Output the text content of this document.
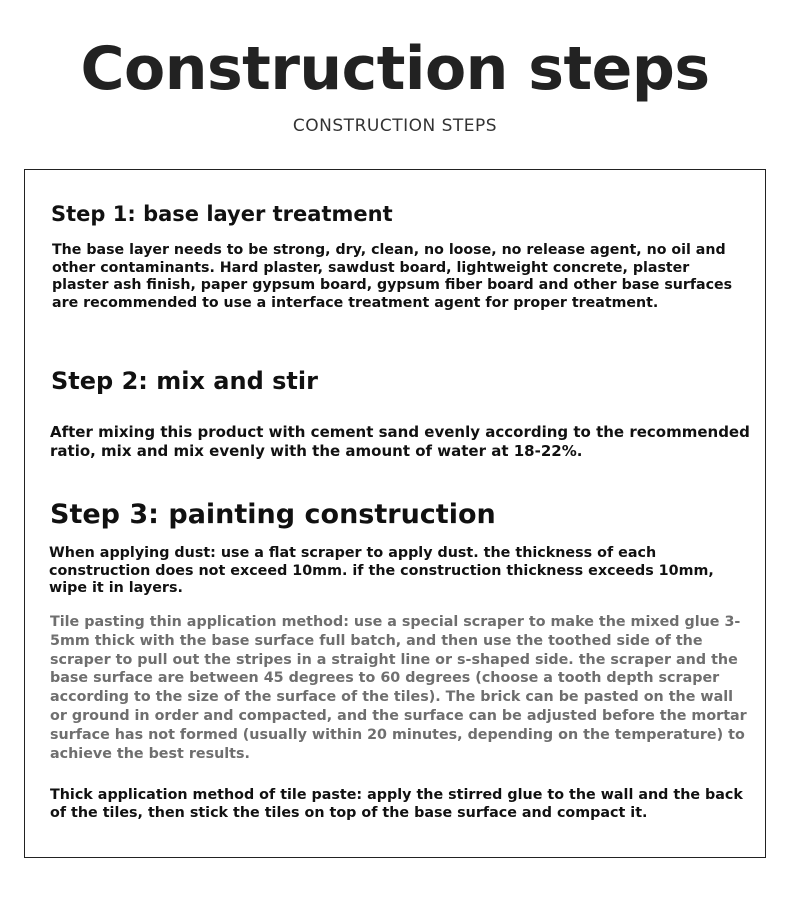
Construction steps
CONSTRUCTION STEPS
Step 1: base layer treatment
The base layer needs to be strong, dry, clean, no loose, no release agent, no oil and other contaminants. Hard plaster, sawdust board, lightweight concrete, plaster plaster ash finish, paper gypsum board, gypsum fiber board and other base surfaces are recommended to use a interface treatment agent for proper treatment.
Step 2: mix and stir
After mixing this product with cement sand evenly according to the recommended ratio, mix and mix evenly with the amount of water at 18-22%.
Step 3: painting construction
When applying dust: use a flat scraper to apply dust. the thickness of each construction does not exceed 10mm. if the construction thickness exceeds 10mm, wipe it in layers.
Tile pasting thin application method: use a special scraper to make the mixed glue 3-5mm thick with the base surface full batch, and then use the toothed side of the scraper to pull out the stripes in a straight line or s-shaped side. the scraper and the base surface are between 45 degrees to 60 degrees (choose a tooth depth scraper according to the size of the surface of the tiles). The brick can be pasted on the wall or ground in order and compacted, and the surface can be adjusted before the mortar surface has not formed (usually within 20 minutes, depending on the temperature) to achieve the best results.
Thick application method of tile paste: apply the stirred glue to the wall and the back of the tiles, then stick the tiles on top of the base surface and compact it.
